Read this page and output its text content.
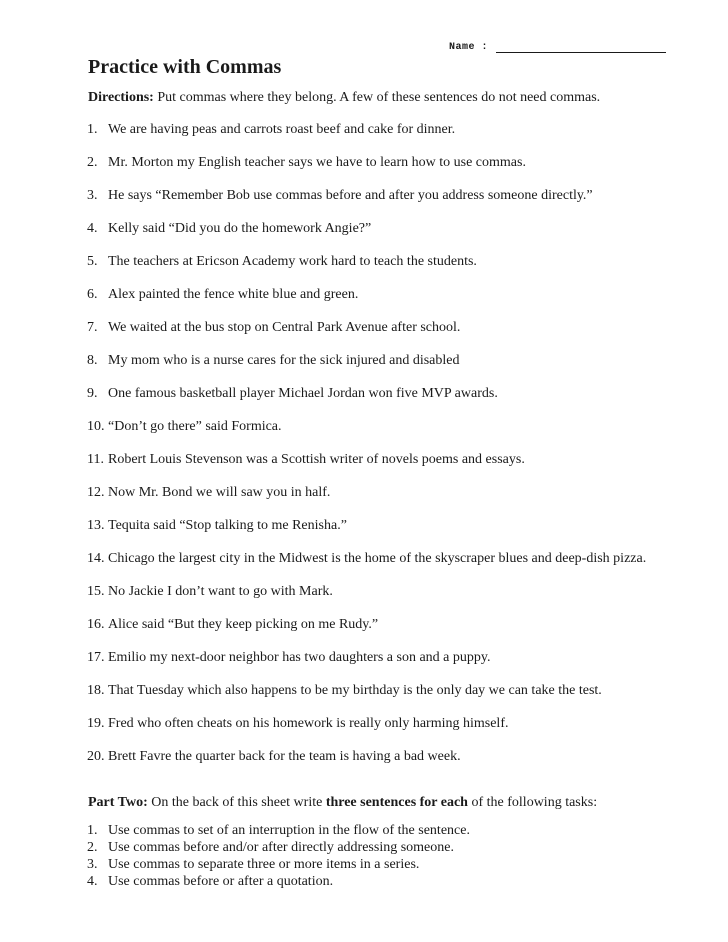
Name :
Practice with Commas
Directions: Put commas where they belong. A few of these sentences do not need commas.
1. We are having peas and carrots roast beef and cake for dinner.
2. Mr. Morton my English teacher says we have to learn how to use commas.
3. He says “Remember Bob use commas before and after you address someone directly.”
4. Kelly said “Did you do the homework Angie?”
5. The teachers at Ericson Academy work hard to teach the students.
6. Alex painted the fence white blue and green.
7. We waited at the bus stop on Central Park Avenue after school.
8. My mom who is a nurse cares for the sick injured and disabled
9. One famous basketball player Michael Jordan won five MVP awards.
10. “Don’t go there” said Formica.
11. Robert Louis Stevenson was a Scottish writer of novels poems and essays.
12. Now Mr. Bond we will saw you in half.
13. Tequita said “Stop talking to me Renisha.”
14. Chicago the largest city in the Midwest is the home of the skyscraper blues and deep-dish pizza.
15. No Jackie I don’t want to go with Mark.
16. Alice said “But they keep picking on me Rudy.”
17. Emilio my next-door neighbor has two daughters a son and a puppy.
18. That Tuesday which also happens to be my birthday is the only day we can take the test.
19. Fred who often cheats on his homework is really only harming himself.
20. Brett Favre the quarter back for the team is having a bad week.
Part Two: On the back of this sheet write three sentences for each of the following tasks:
1. Use commas to set of an interruption in the flow of the sentence.
2. Use commas before and/or after directly addressing someone.
3. Use commas to separate three or more items in a series.
4. Use commas before or after a quotation.
